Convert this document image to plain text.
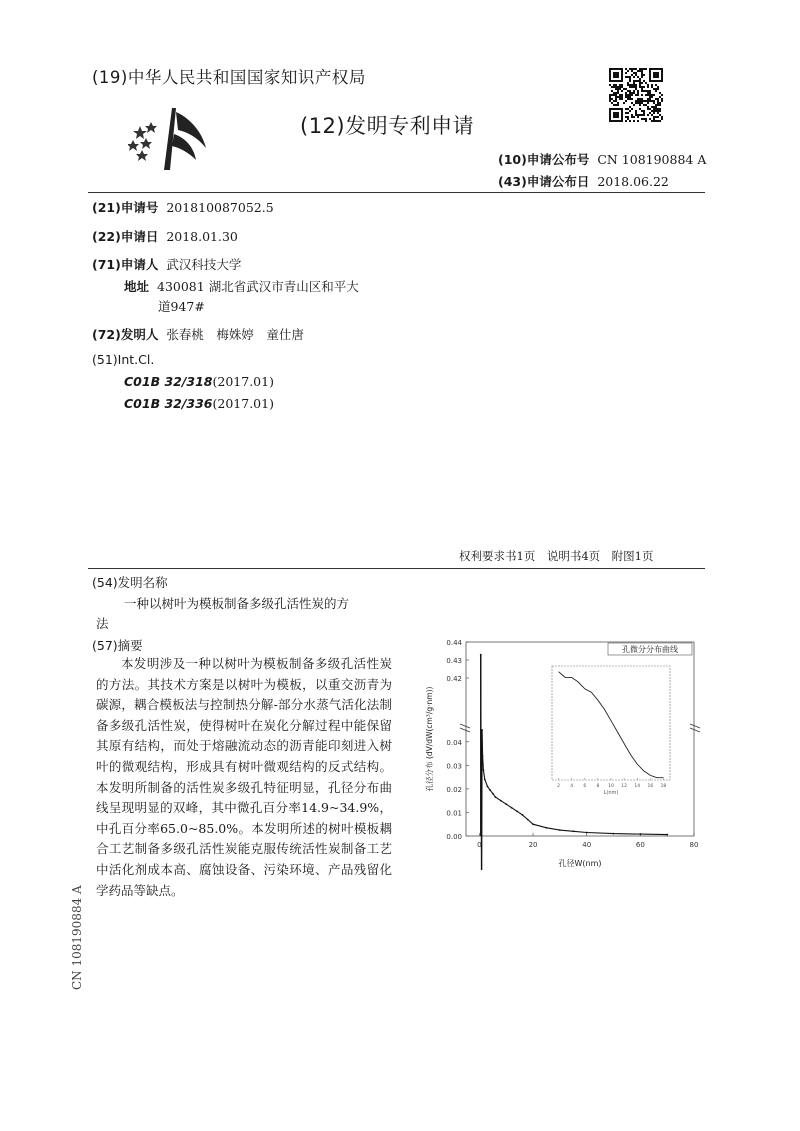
(19)中华人民共和国国家知识产权局
(12)发明专利申请
(10)申请公布号 CN 108190884 A
(43)申请公布日 2018.06.22
(21)申请号 201810087052.5
(22)申请日 2018.01.30
(71)申请人 武汉科技大学
地址 430081 湖北省武汉市青山区和平大
道947#
(72)发明人 张春桃　梅姝婷　童仕唐
(51)Int.Cl.
C01B 32/318(2017.01)
C01B 32/336(2017.01)
权利要求书1页　说明书4页　附图1页
(54)发明名称
一种以树叶为模板制备多级孔活性炭的方
法
(57)摘要

本发明涉及一种以树叶为模板制备多级孔活性炭的方法。其技术方案是以树叶为模板，以重交沥青为碳源，耦合模板法与控制热分解-部分水蒸气活化法制备多级孔活性炭，使得树叶在炭化分解过程中能保留其原有结构，而处于熔融流动态的沥青能印刻进入树叶的微观结构，形成具有树叶微观结构的反式结构。本发明所制备的活性炭多级孔特征明显，孔径分布曲线呈现明显的双峰，其中微孔百分率14.9~34.9%，中孔百分率65.0~85.0%。本发明所述的树叶模板耦合工艺制备多级孔活性炭能克服传统活性炭制备工艺中活化剂成本高、腐蚀设备、污染环境、产品残留化学药品等缺点。

0.00
0.01
0.02
0.03
0.04
0.42
0.43
0.44
0	20	40	60	80
孔径W(nm)
孔径分布 (dV/dW(cm³/g·nm))
孔微分分布曲线
2 4 6 8 10 12 14 16 18
L(nm)
CN 108190884 A
